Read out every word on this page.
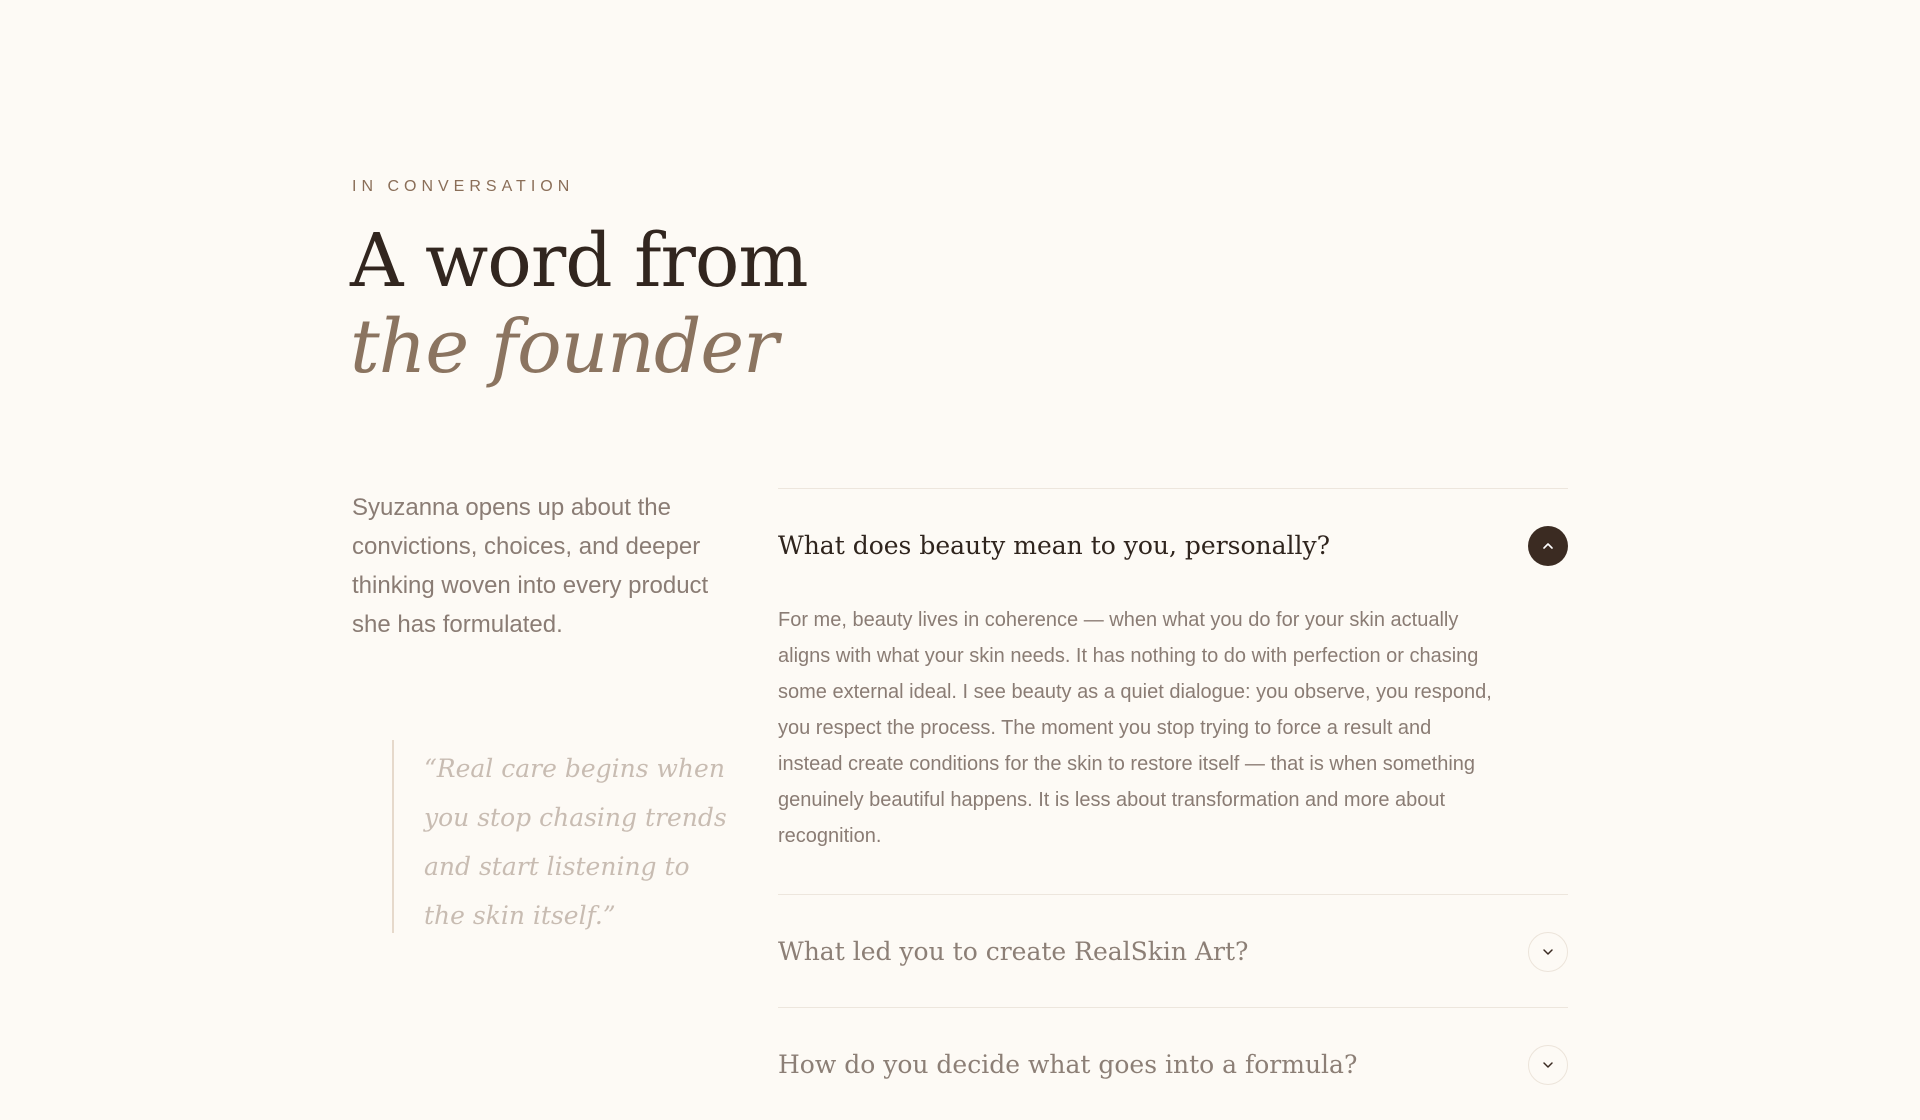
IN CONVERSATION
A word from
the founder

Syuzanna opens up about the convictions, choices, and deeper thinking woven into every product she has formulated.

“Real care begins when you stop chasing trends and start listening to the skin itself.”

What does beauty mean to you, personally?

For me, beauty lives in coherence — when what you do for your skin actually aligns with what your skin needs. It has nothing to do with perfection or chasing some external ideal. I see beauty as a quiet dialogue: you observe, you respond, you respect the process. The moment you stop trying to force a result and instead create conditions for the skin to restore itself — that is when something genuinely beautiful happens. It is less about transformation and more about recognition.

What led you to create RealSkin Art?
How do you decide what goes into a formula?
